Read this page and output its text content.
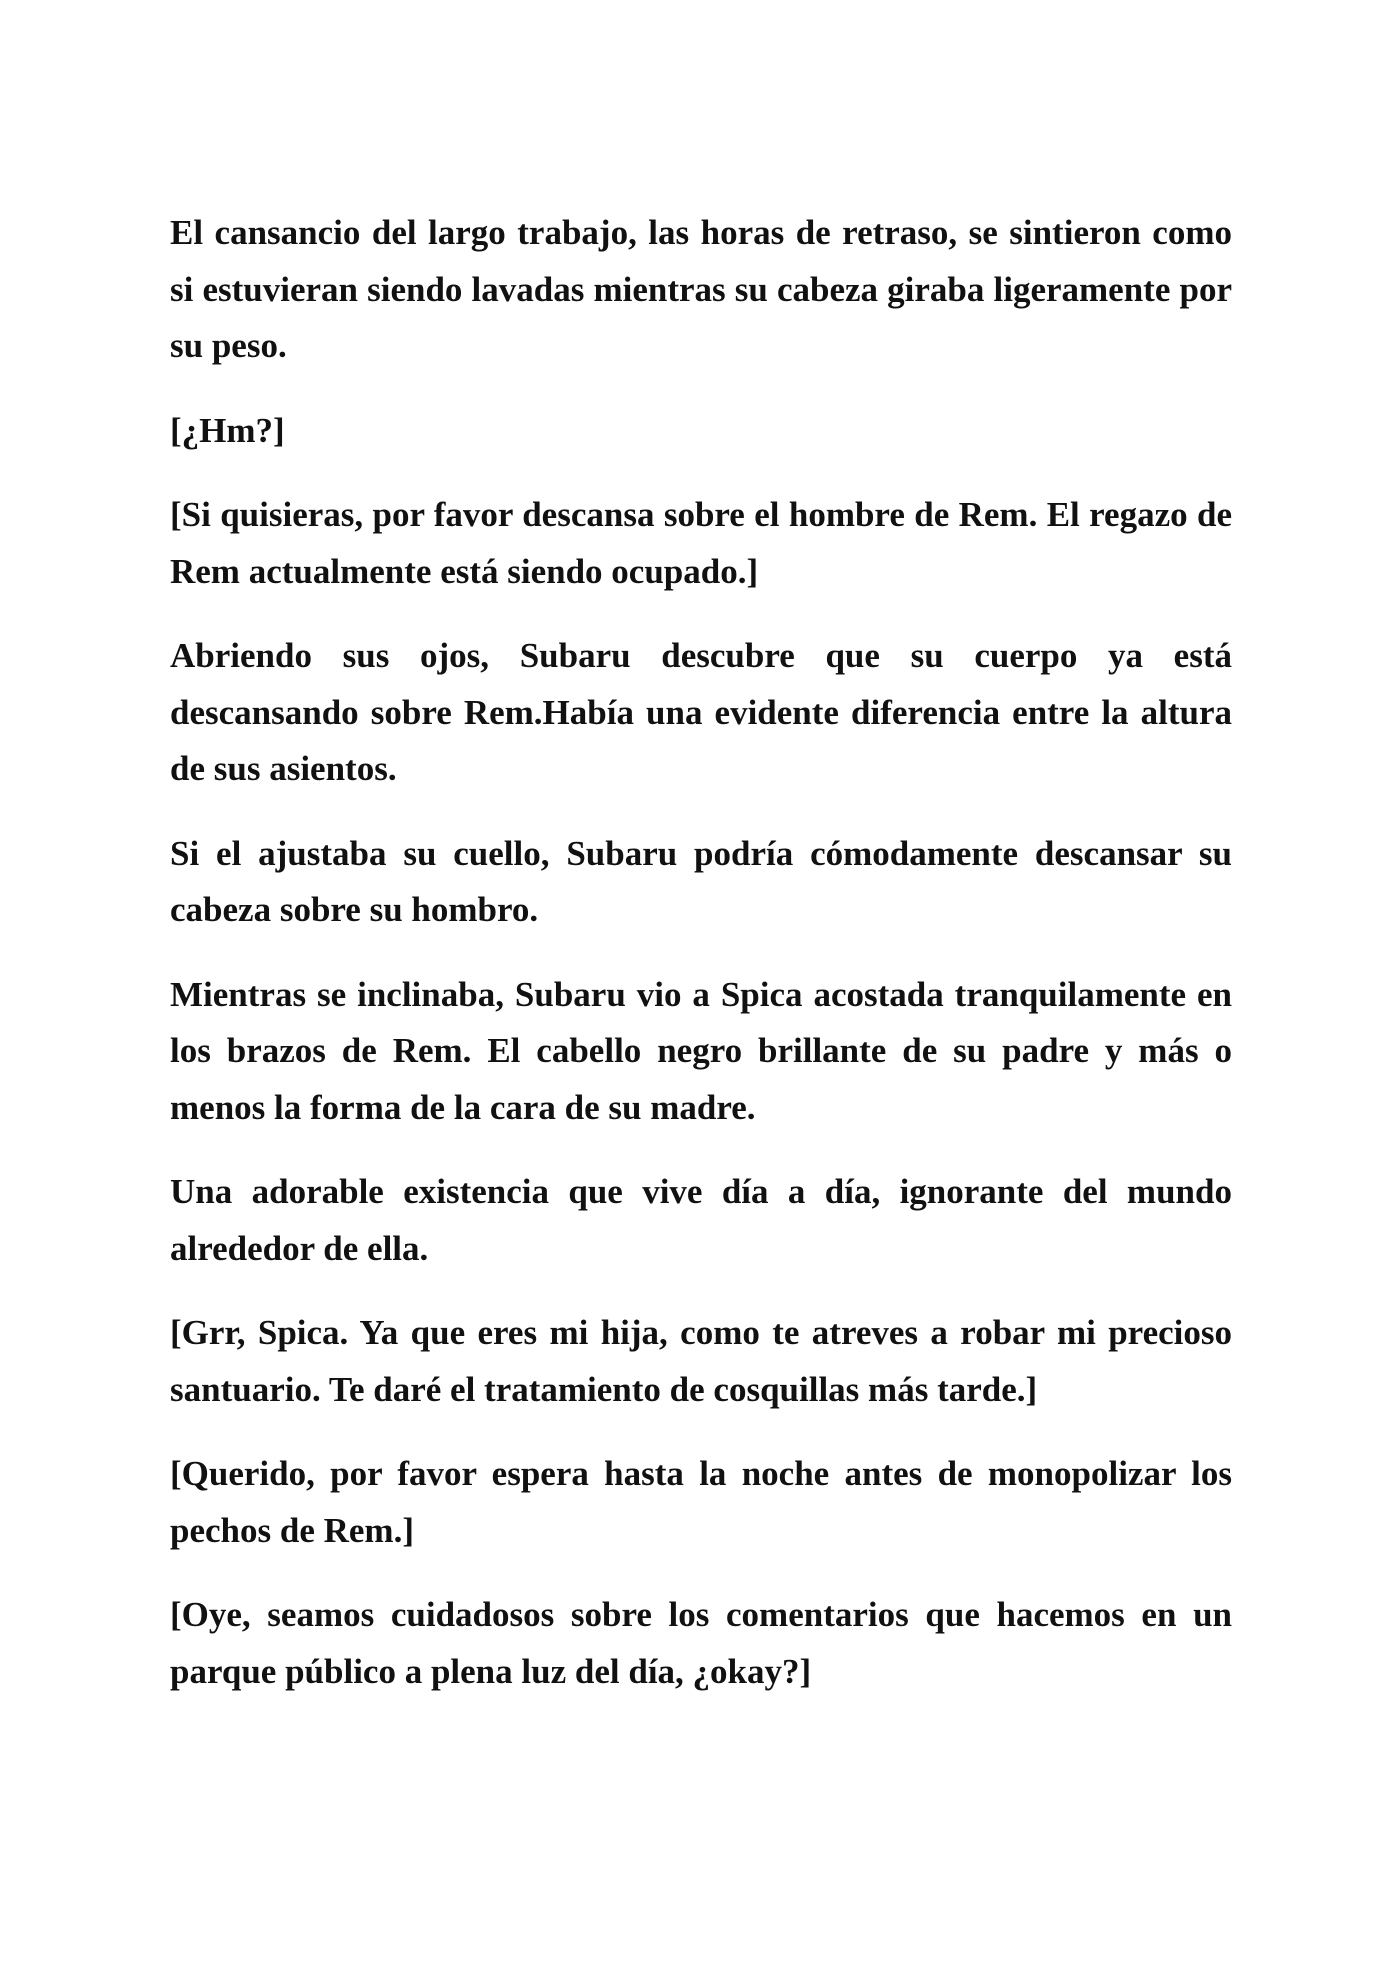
El cansancio del largo trabajo, las horas de retraso, se sintieron como si estuvieran siendo lavadas mientras su cabeza giraba ligeramente por su peso.

[¿Hm?]

[Si quisieras, por favor descansa sobre el hombre de Rem. El regazo de Rem actualmente está siendo ocupado.]

Abriendo sus ojos, Subaru descubre que su cuerpo ya está descansando sobre Rem.Había una evidente diferencia entre la altura de sus asientos.

Si el ajustaba su cuello, Subaru podría cómodamente descansar su cabeza sobre su hombro.

Mientras se inclinaba, Subaru vio a Spica acostada tranquilamente en los brazos de Rem. El cabello negro brillante de su padre y más o menos la forma de la cara de su madre.

Una adorable existencia que vive día a día, ignorante del mundo alrededor de ella.

[Grr, Spica. Ya que eres mi hija, como te atreves a robar mi precioso santuario. Te daré el tratamiento de cosquillas más tarde.]

[Querido, por favor espera hasta la noche antes de monopolizar los pechos de Rem.]

[Oye, seamos cuidadosos sobre los comentarios que hacemos en un parque público a plena luz del día, ¿okay?]
